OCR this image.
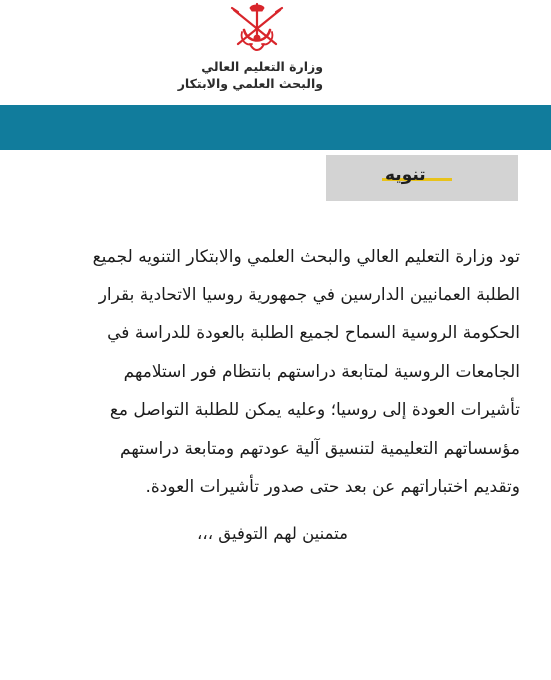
وزارة التعليم العالي
والبحث العلمي والابتكار
تنويه
تود وزارة التعليم العالي والبحث العلمي والابتكار التنويه لجميع
الطلبة العمانيين الدارسين في جمهورية روسيا الاتحادية بقرار
الحكومة الروسية السماح لجميع الطلبة بالعودة للدراسة في
الجامعات الروسية لمتابعة دراستهم بانتظام فور استلامهم
تأشيرات العودة إلى روسيا؛ وعليه يمكن للطلبة التواصل مع
مؤسساتهم التعليمية لتنسيق آلية عودتهم ومتابعة دراستهم
وتقديم اختباراتهم عن بعد حتى صدور تأشيرات العودة.
متمنين لهم التوفيق ،،،
